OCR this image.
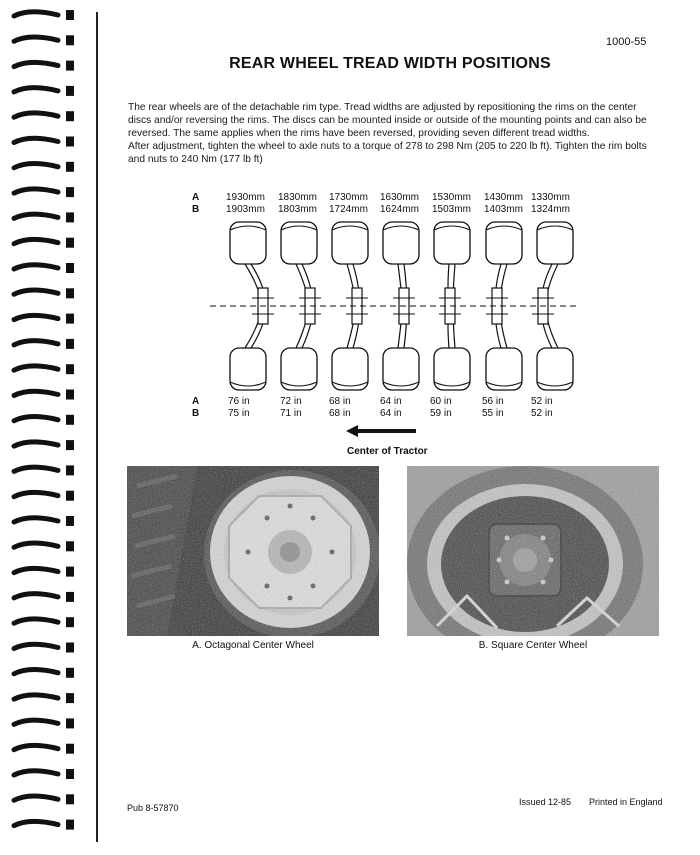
1000-55
REAR WHEEL TREAD WIDTH POSITIONS

The rear wheels are of the detachable rim type. Tread widths are adjusted by repositioning the rims on the center discs and/or reversing the rims. The discs can be mounted inside or outside of the mounting points and can also be reversed. The same applies when the rims have been reversed, providing seven different tread widths.

After adjustment, tighten the wheel to axle nuts to a torque of 278 to 298 Nm (205 to 220 lb ft). Tighten the rim bolts and nuts to 240 Nm (177 lb ft)

A	1930mm 1830mm 1730mm 1630mm 1530mm 1430mm 1330mm
B	1903mm 1803mm 1724mm 1624mm 1503mm 1403mm 1324mm
A	76 in	72 in	68 in	64 in	60 in	56 in	52 in
B	75 in	71 in	68 in	64 in	59 in	55 in	52 in
Center of Tractor
A. Octagonal Center Wheel	B. Square Center Wheel
Pub 8-57870
Issued 12-85 Printed in England
